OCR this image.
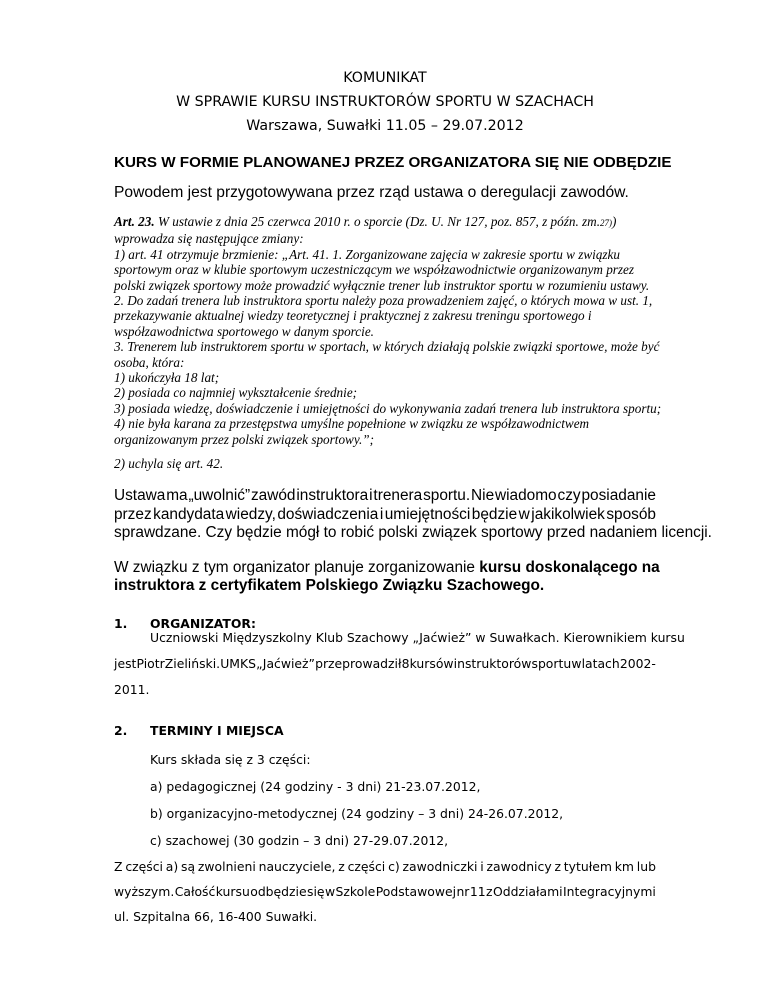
KOMUNIKAT
W SPRAWIE KURSU INSTRUKTORÓW SPORTU W SZACHACH
Warszawa, Suwałki 11.05 – 29.07.2012
KURS W FORMIE PLANOWANEJ PRZEZ ORGANIZATORA SIĘ NIE ODBĘDZIE
Powodem jest przygotowywana przez rząd ustawa o deregulacji zawodów.

Art. 23. W ustawie z dnia 25 czerwca 2010 r. o sporcie (Dz. U. Nr 127, poz. 857, z późn. zm.27))

wprowadza się następujące zmiany:

1) art. 41 otrzymuje brzmienie: „Art. 41. 1. Zorganizowane zajęcia w zakresie sportu w związku

sportowym oraz w klubie sportowym uczestniczącym we współzawodnictwie organizowanym przez

polski związek sportowy może prowadzić wyłącznie trener lub instruktor sportu w rozumieniu ustawy.

2. Do zadań trenera lub instruktora sportu należy poza prowadzeniem zajęć, o których mowa w ust. 1,

przekazywanie aktualnej wiedzy teoretycznej i praktycznej z zakresu treningu sportowego i

współzawodnictwa sportowego w danym sporcie.

3. Trenerem lub instruktorem sportu w sportach, w których działają polskie związki sportowe, może być

osoba, która:

1) ukończyła 18 lat;

2) posiada co najmniej wykształcenie średnie;

3) posiada wiedzę, doświadczenie i umiejętności do wykonywania zadań trenera lub instruktora sportu;

4) nie była karana za przestępstwa umyślne popełnione w związku ze współzawodnictwem

organizowanym przez polski związek sportowy.”;

2) uchyla się art. 42.

Ustawa ma „uwolnić” zawód instruktora i trenera sportu. Nie wiadomo czy posiadanie

przez kandydata wiedzy, doświadczenia i umiejętności będzie w jakikolwiek sposób

sprawdzane. Czy będzie mógł to robić polski związek sportowy przed nadaniem licencji.

W związku z tym organizator planuje zorganizowanie kursu doskonalącego na

instruktora z certyfikatem Polskiego Związku Szachowego.

1.	ORGANIZATOR:
Uczniowski Międzyszkolny Klub Szachowy „Jaćwież” w Suwałkach. Kierownikiem kursu
jest Piotr Zieliński. UMKS „Jaćwież” przeprowadził 8 kursów instruktorów sportu w latach 2002-
2011.
2.	TERMINY I MIEJSCA
Kurs składa się z 3 części:
a) pedagogicznej (24 godziny - 3 dni) 21-23.07.2012,
b) organizacyjno-metodycznej (24 godziny – 3 dni) 24-26.07.2012,
c) szachowej (30 godzin – 3 dni) 27-29.07.2012,
Z części a) są zwolnieni nauczyciele, z części c) zawodniczki i zawodnicy z tytułem km lub
wyższym. Całość kursu odbędzie się w Szkole Podstawowej nr 11 z Oddziałami Integracyjnymi
ul. Szpitalna 66, 16-400 Suwałki.
